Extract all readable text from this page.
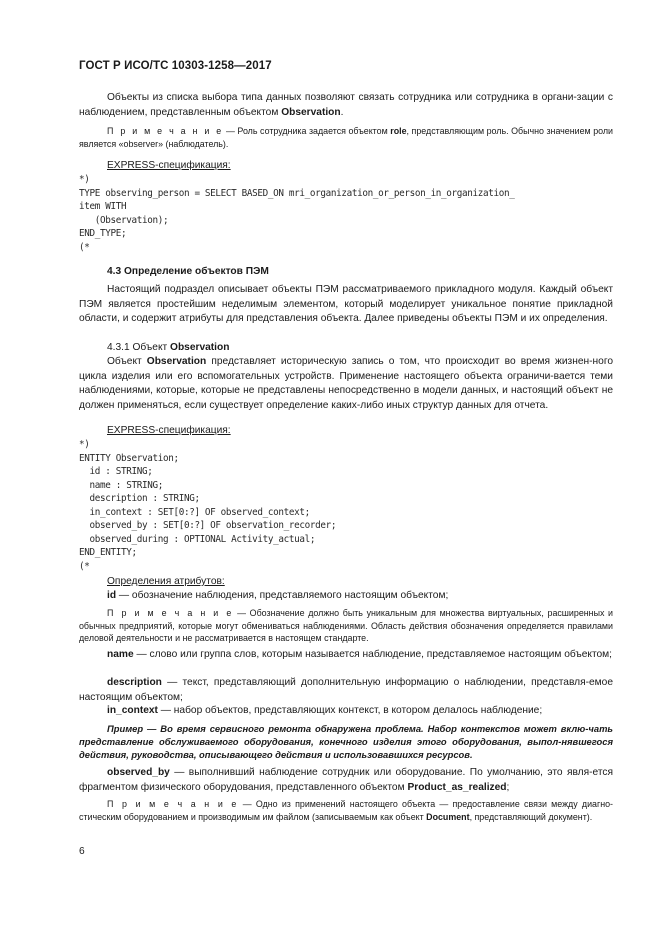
ГОСТ Р ИСО/ТС 10303-1258—2017

Объекты из списка выбора типа данных позволяют связать сотрудника или сотрудника в органи-зации с наблюдением, представленным объектом Observation.

П р и м е ч а н и е — Роль сотрудника задается объектом role, представляющим роль. Обычно значением роли является «observer» (наблюдатель).

EXPRESS-спецификация:

*)
TYPE observing_person = SELECT BASED_ON mri_organization_or_person_in_organization_
item WITH
(Observation);
END_TYPE;
(*
4.3 Определение объектов ПЭМ

Настоящий подраздел описывает объекты ПЭМ рассматриваемого прикладного модуля. Каждый объект ПЭМ является простейшим неделимым элементом, который моделирует уникальное понятие прикладной области, и содержит атрибуты для представления объекта. Далее приведены объекты ПЭМ и их определения.

4.3.1 Объект Observation

Объект Observation представляет историческую запись о том, что происходит во время жизнен-ного цикла изделия или его вспомогательных устройств. Применение настоящего объекта ограничи-вается теми наблюдениями, которые, которые не представлены непосредственно в модели данных, и настоящий объект не должен применяться, если существует определение каких-либо иных структур данных для отчета.

EXPRESS-спецификация:

*)
ENTITY Observation;
id : STRING;
name : STRING;
description : STRING;
in_context : SET[0:?] OF observed_context;
observed_by : SET[0:?] OF observation_recorder;
observed_during : OPTIONAL Activity_actual;
END_ENTITY;
(*

Определения атрибутов:

id — обозначение наблюдения, представляемого настоящим объектом;

П р и м е ч а н и е — Обозначение должно быть уникальным для множества виртуальных, расширенных и обычных предприятий, которые могут обмениваться наблюдениями. Область действия обозначения определяется правилами деловой деятельности и не рассматривается в настоящем стандарте.

name — слово или группа слов, которым называется наблюдение, представляемое настоящим объектом;

description — текст, представляющий дополнительную информацию о наблюдении, представля-емое настоящим объектом;

in_context — набор объектов, представляющих контекст, в котором делалось наблюдение;

Пример — Во время сервисного ремонта обнаружена проблема. Набор контекстов может вклю-чать представление обслуживаемого оборудования, конечного изделия этого оборудования, выпол-нявшегося действия, руководства, описывающего действия и использовавшихся ресурсов.

observed_by — выполнивший наблюдение сотрудник или оборудование. По умолчанию, это явля-ется фрагментом физического оборудования, представленного объектом Product_as_realized;

П р и м е ч а н и е — Одно из применений настоящего объекта — предоставление связи между диагно-стическим оборудованием и производимым им файлом (записываемым как объект Document, представляющий документ).

6
